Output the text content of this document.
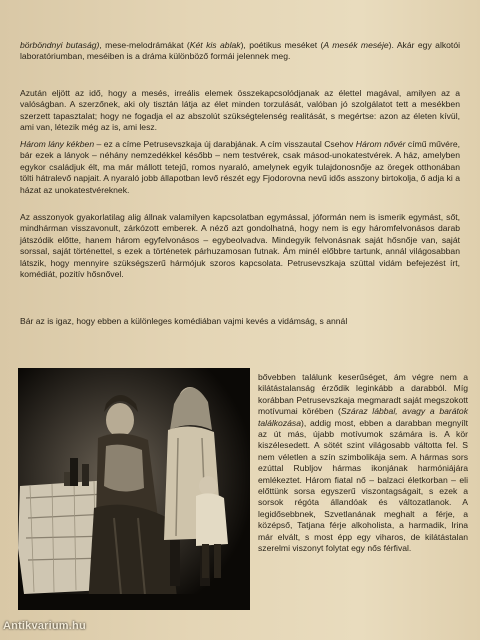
börböndnyi butaság), mese-melodrámákat (Két kis ablak), poétikus meséket (A mesék meséje). Akár egy alkotói laboratóriumban, meséiben is a dráma különböző formái jelennek meg.
Azután eljött az idő, hogy a mesés, irreális elemek összekapcsolódjanak az élettel magával, amilyen az a valóságban. A szerzőnek, aki oly tisztán látja az élet minden torzulását, valóban jó szolgálatot tett a mesékben szerzett tapasztalat; hogy ne fogadja el az abszolút szükségtelenség realitását, s megértse: azon az életen kívül, ami van, létezik még az is, ami lesz.
Három lány kékben – ez a címe Petrusevszkaja új darabjának. A cím visszautal Csehov Három nővér című művére, bár ezek a lányok – néhány nemzedékkel később – nem testvérek, csak másod-unokatestvérek. A ház, amelyben egykor családjuk élt, ma már mállott tetejű, romos nyaraló, amelynek egyik tulajdonosnője az öregek otthonában tölti hátralevő napjait. A nyaraló jobb állapotban levő részét egy Fjodorovna nevű idős asszony birtokolja, ő adja ki a házat az unokatestvéreknek.
Az asszonyok gyakorlatilag alig állnak valamilyen kapcsolatban egymással, jóformán nem is ismerik egymást, sőt, mindhárman visszavonult, zárkózott emberek. A néző azt gondolhatná, hogy nem is egy háromfelvonásos darab játszódik előtte, hanem három egyfelvonásos – egybeolvadva. Mindegyik felvonásnak saját hősnője van, saját sorssal, saját történettel, s ezek a történetek párhuzamosan futnak. Ám minél előbbre tartunk, annál világosabban látszik, hogy mennyire szükségszerű hármójuk szoros kapcsolata. Petrusevszkaja szüttal vidám befejezést írt, komédiát, pozitív hősnővel.
Bár az is igaz, hogy ebben a különleges komédiában vajmi kevés a vidámság, s annál
bővebben találunk keserűséget, ám végre nem a kilátástalanság érződik leginkább a darabból. Míg korábban Petrusevszkaja megmaradt saját megszokott motívumai körében (Száraz lábbal, avagy a barátok találkozása), addig most, ebben a darabban megnyílt az út más, újabb motívumok számára is. A kör kiszélesedett. A sötét szint világosabb váltotta fel. S nem véletlen a szín szimbolikája sem. A hármas sors ezúttal Rubljov hármas ikonjának harmóniájára emlékeztet. Három fiatal nő – balzaci életkorban – eli előttünk sorsa egyszerű viszontagságait, s ezek a sorsok régóta állandóak és változatlanok. A legidősebbnek, Szvetlanának meghalt a férje, a középső, Tatjana férje alkoholista, a harmadik, Irina már elvált, s most épp egy viharos, de kilátástalan szerelmi viszonyt folytat egy nős férfival.
Antikvarium.hu
